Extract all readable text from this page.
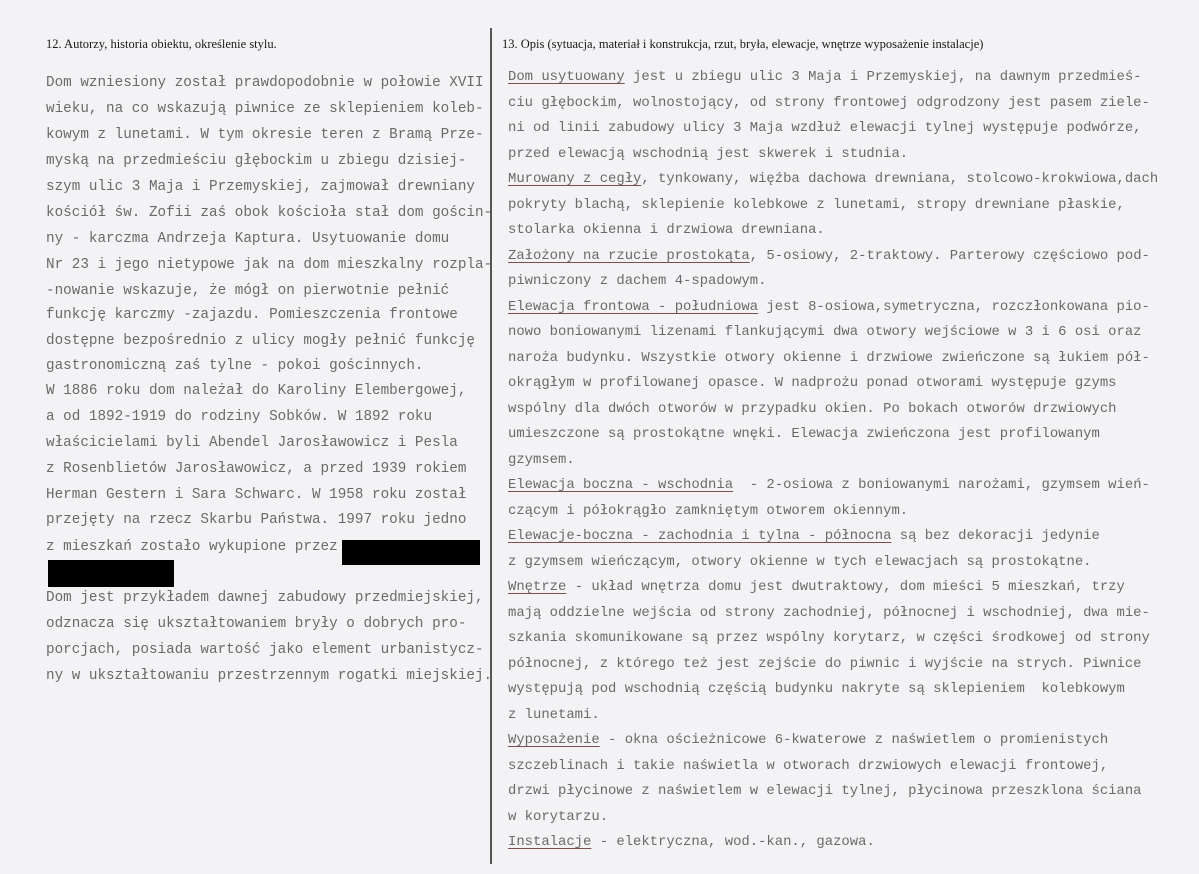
12. Autorzy, historia obiektu, określenie stylu.	13. Opis (sytuacja, materiał i konstrukcja, rzut, bryła, elewacje, wnętrze wyposażenie instalacje)
Dom wzniesiony został prawdopodobnie w połowie XVII
wieku, na co wskazują piwnice ze sklepieniem koleb-
kowym z lunetami. W tym okresie teren z Bramą Prze-
myską na przedmieściu głębockim u zbiegu dzisiej-
szym ulic 3 Maja i Przemyskiej, zajmował drewniany
kościół św. Zofii zaś obok kościoła stał dom gościn-
ny - karczma Andrzeja Kaptura. Usytuowanie domu
Nr 23 i jego nietypowe jak na dom mieszkalny rozpla-
-nowanie wskazuje, że mógł on pierwotnie pełnić
funkcję karczmy -zajazdu. Pomieszczenia frontowe
dostępne bezpośrednio z ulicy mogły pełnić funkcję
gastronomiczną zaś tylne - pokoi gościnnych.
W 1886 roku dom należał do Karoliny Elembergowej,
a od 1892-1919 do rodziny Sobków. W 1892 roku
właścicielami byli Abendel Jarosławowicz i Pesla
z Rosenblietów Jarosławowicz, a przed 1939 rokiem
Herman Gestern i Sara Schwarc. W 1958 roku został
przejęty na rzecz Skarbu Państwa. 1997 roku jedno
z mieszkań zostało wykupione przez
Dom jest przykładem dawnej zabudowy przedmiejskiej,
odznacza się ukształtowaniem bryły o dobrych pro-
porcjach, posiada wartość jako element urbanistycz-
ny w ukształtowaniu przestrzennym rogatki miejskiej.
Dom usytuowany jest u zbiegu ulic 3 Maja i Przemyskiej, na dawnym przedmieś-
ciu głębockim, wolnostojący, od strony frontowej odgrodzony jest pasem ziele-
ni od linii zabudowy ulicy 3 Maja wzdłuż elewacji tylnej występuje podwórze,
przed elewacją wschodnią jest skwerek i studnia.
Murowany z cegły, tynkowany, więźba dachowa drewniana, stolcowo-krokwiowa,dach
pokryty blachą, sklepienie kolebkowe z lunetami, stropy drewniane płaskie,
stolarka okienna i drzwiowa drewniana.
Założony na rzucie prostokąta, 5-osiowy, 2-traktowy. Parterowy częściowo pod-
piwniczony z dachem 4-spadowym.
Elewacja frontowa - południowa jest 8-osiowa,symetryczna, rozczłonkowana pio-
nowo boniowanymi lizenami flankującymi dwa otwory wejściowe w 3 i 6 osi oraz
naroża budynku. Wszystkie otwory okienne i drzwiowe zwieńczone są łukiem pół-
okrągłym w profilowanej opasce. W nadprożu ponad otworami występuje gzyms
wspólny dla dwóch otworów w przypadku okien. Po bokach otworów drzwiowych
umieszczone są prostokątne wnęki. Elewacja zwieńczona jest profilowanym
gzymsem.
Elewacja boczna - wschodnia  - 2-osiowa z boniowanymi narożami, gzymsem wień-
czącym i półokrągło zamkniętym otworem okiennym.
Elewacje-boczna - zachodnia i tylna - północna są bez dekoracji jedynie
z gzymsem wieńczącym, otwory okienne w tych elewacjach są prostokątne.
Wnętrze - układ wnętrza domu jest dwutraktowy, dom mieści 5 mieszkań, trzy
mają oddzielne wejścia od strony zachodniej, północnej i wschodniej, dwa mie-
szkania skomunikowane są przez wspólny korytarz, w części środkowej od strony
północnej, z którego też jest zejście do piwnic i wyjście na strych. Piwnice
występują pod wschodnią częścią budynku nakryte są sklepieniem  kolebkowym
z lunetami.
Wyposażenie - okna ościeżnicowe 6-kwaterowe z naświetlem o promienistych
szczeblinach i takie naświetla w otworach drzwiowych elewacji frontowej,
drzwi płycinowe z naświetlem w elewacji tylnej, płycinowa przeszklona ściana
w korytarzu.
Instalacje - elektryczna, wod.-kan., gazowa.
